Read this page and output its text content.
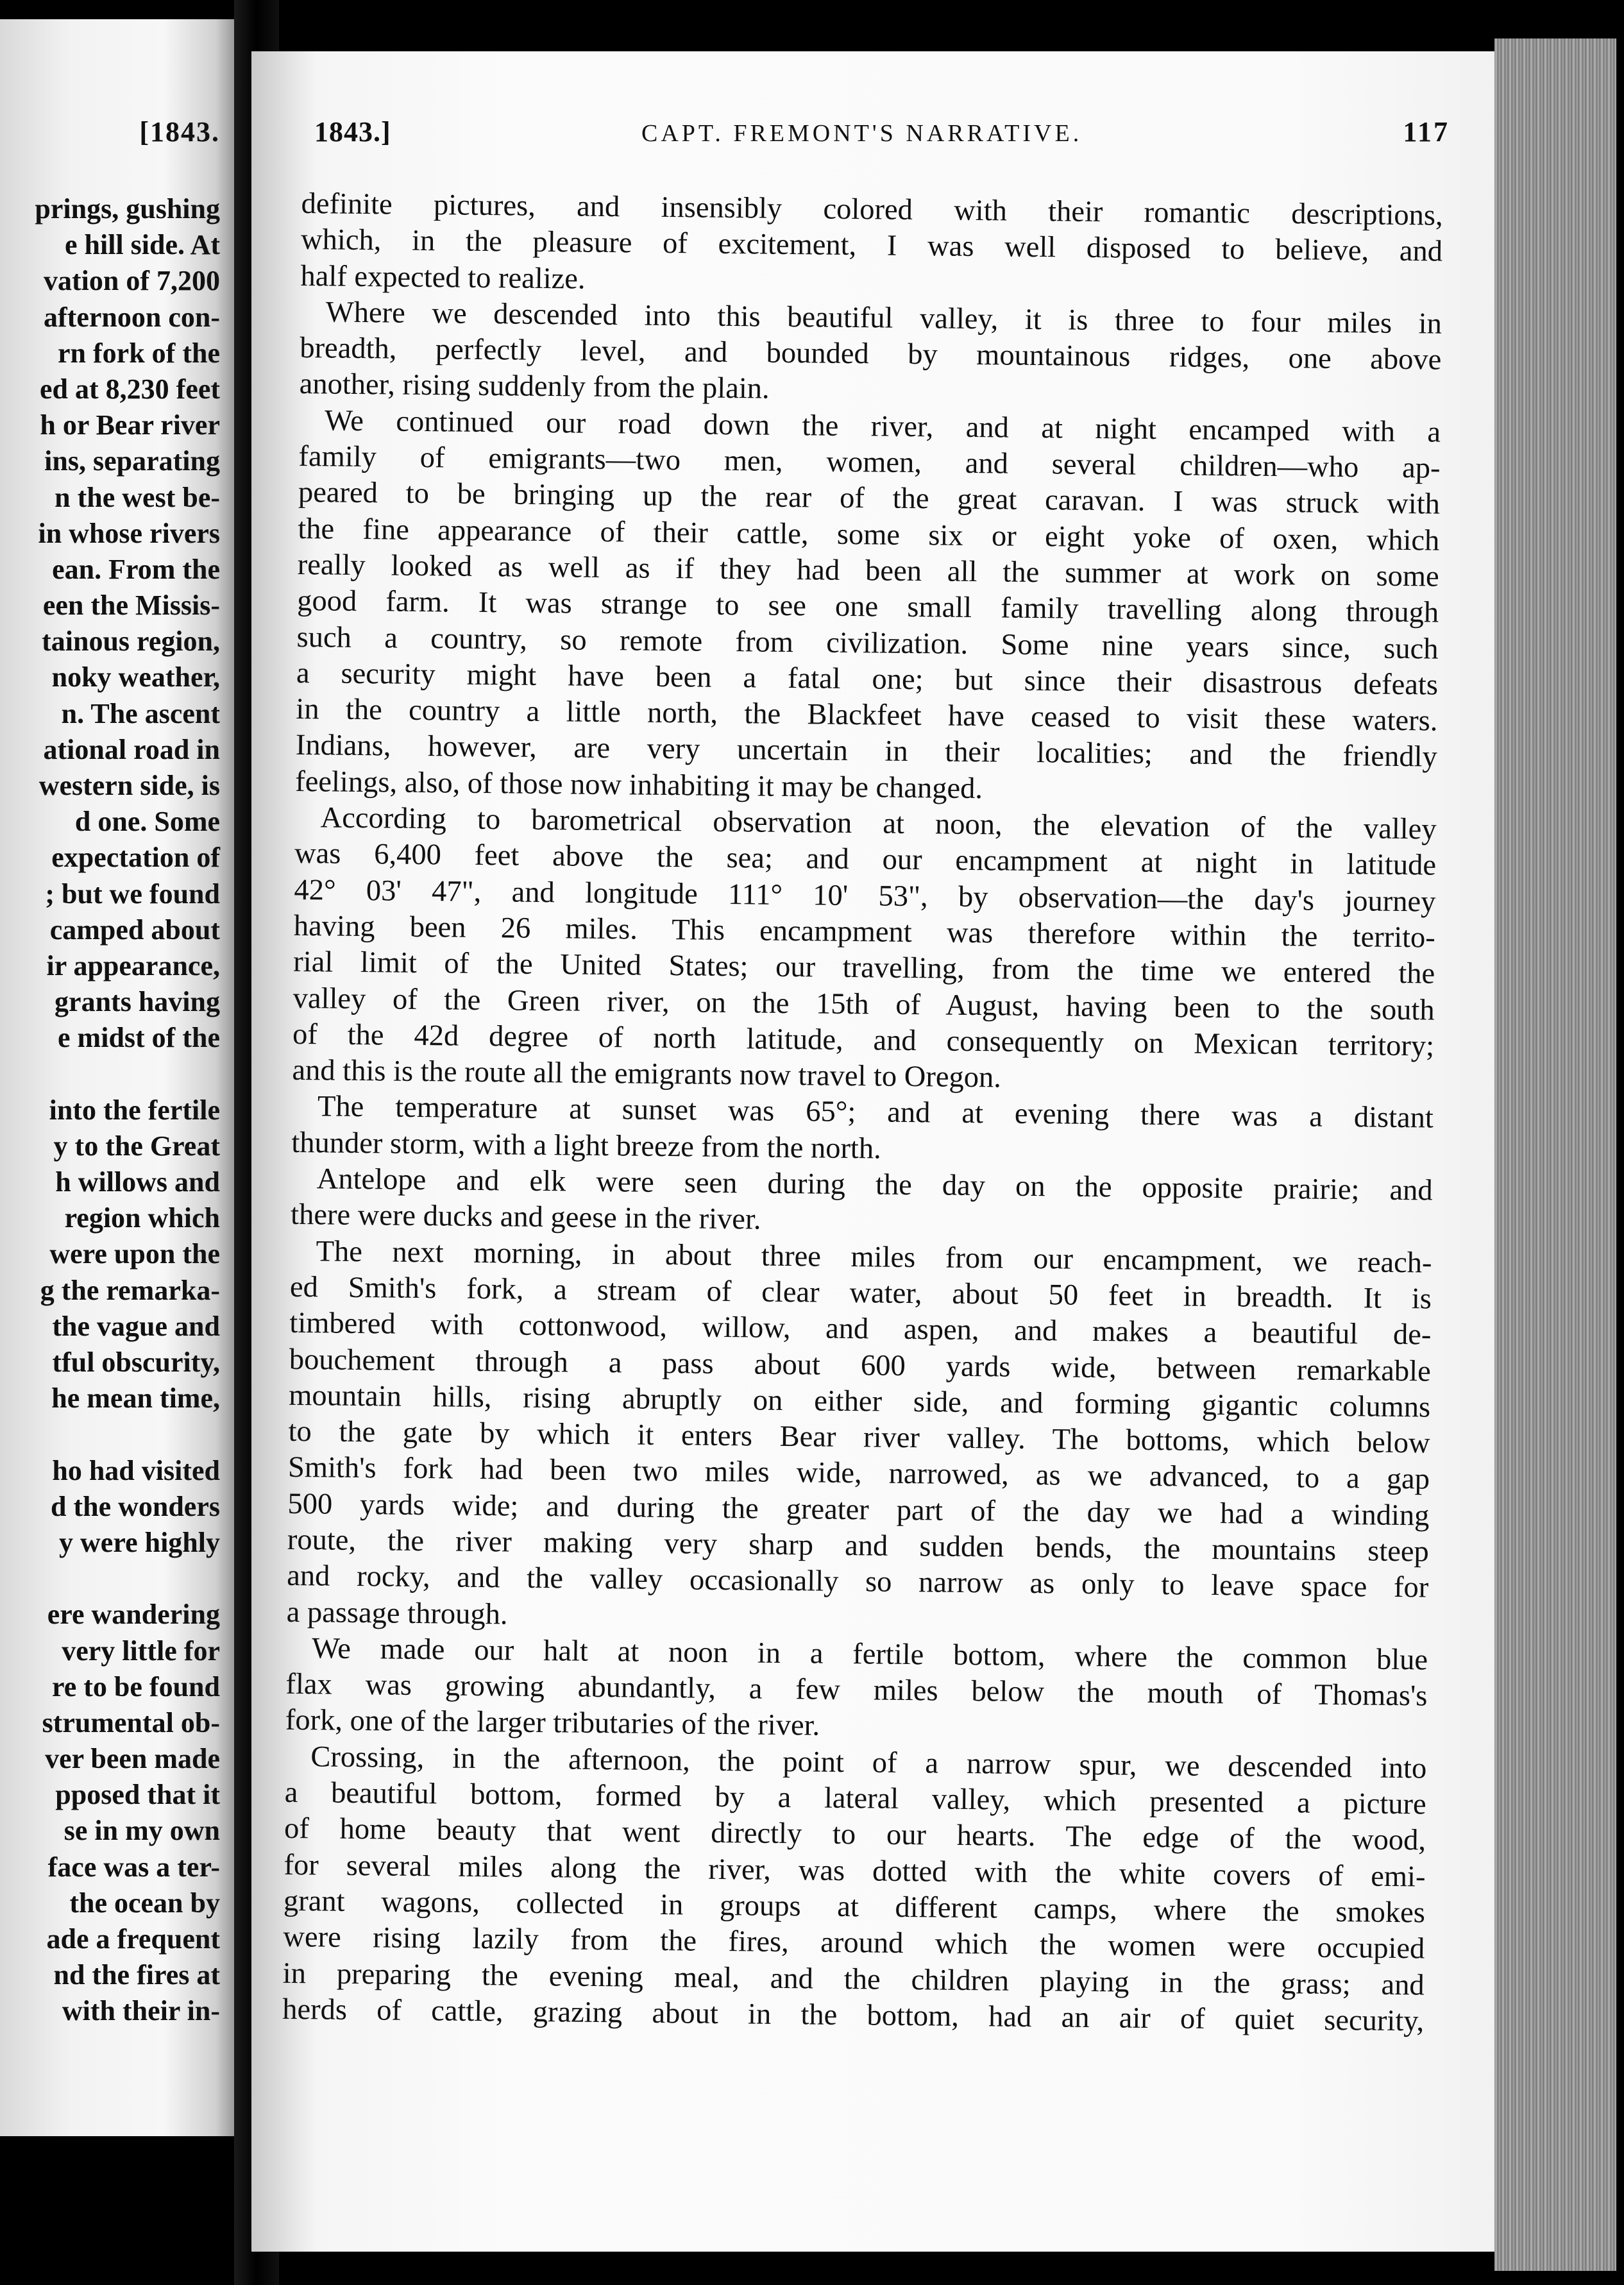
[1843.
prings, gushing
e hill side. At
vation of 7,200
afternoon con-
rn fork of the
ed at 8,230 feet
h or Bear river
ins, separating
n the west be-
in whose rivers
ean. From the
een the Missis-
tainous region,
noky weather,
n. The ascent
ational road in
western side, is
d one. Some
expectation of
; but we found
camped about
ir appearance,
grants having
e midst of the
into the fertile
y to the Great
h willows and
region which
were upon the
g the remarka-
the vague and
tful obscurity,
he mean time,
ho had visited
d the wonders
y were highly
ere wandering
very little for
re to be found
strumental ob-
ver been made
pposed that it
se in my own
face was a ter-
the ocean by
ade a frequent
nd the fires at
with their in-
1843.]	CAPT. FREMONT'S NARRATIVE.	117
definite pictures, and insensibly colored with their romantic descriptions,
which, in the pleasure of excitement, I was well disposed to believe, and
half expected to realize.
Where we descended into this beautiful valley, it is three to four miles in
breadth, perfectly level, and bounded by mountainous ridges, one above
another, rising suddenly from the plain.
We continued our road down the river, and at night encamped with a
family of emigrants—two men, women, and several children—who ap-
peared to be bringing up the rear of the great caravan. I was struck with
the fine appearance of their cattle, some six or eight yoke of oxen, which
really looked as well as if they had been all the summer at work on some
good farm. It was strange to see one small family travelling along through
such a country, so remote from civilization. Some nine years since, such
a security might have been a fatal one; but since their disastrous defeats
in the country a little north, the Blackfeet have ceased to visit these waters.
Indians, however, are very uncertain in their localities; and the friendly
feelings, also, of those now inhabiting it may be changed.
According to barometrical observation at noon, the elevation of the valley
was 6,400 feet above the sea; and our encampment at night in latitude
42° 03' 47", and longitude 111° 10' 53", by observation—the day's journey
having been 26 miles. This encampment was therefore within the territo-
rial limit of the United States; our travelling, from the time we entered the
valley of the Green river, on the 15th of August, having been to the south
of the 42d degree of north latitude, and consequently on Mexican territory;
and this is the route all the emigrants now travel to Oregon.
The temperature at sunset was 65°; and at evening there was a distant
thunder storm, with a light breeze from the north.
Antelope and elk were seen during the day on the opposite prairie; and
there were ducks and geese in the river.
The next morning, in about three miles from our encampment, we reach-
ed Smith's fork, a stream of clear water, about 50 feet in breadth. It is
timbered with cottonwood, willow, and aspen, and makes a beautiful de-
bouchement through a pass about 600 yards wide, between remarkable
mountain hills, rising abruptly on either side, and forming gigantic columns
to the gate by which it enters Bear river valley. The bottoms, which below
Smith's fork had been two miles wide, narrowed, as we advanced, to a gap
500 yards wide; and during the greater part of the day we had a winding
route, the river making very sharp and sudden bends, the mountains steep
and rocky, and the valley occasionally so narrow as only to leave space for
a passage through.
We made our halt at noon in a fertile bottom, where the common blue
flax was growing abundantly, a few miles below the mouth of Thomas's
fork, one of the larger tributaries of the river.
Crossing, in the afternoon, the point of a narrow spur, we descended into
a beautiful bottom, formed by a lateral valley, which presented a picture
of home beauty that went directly to our hearts. The edge of the wood,
for several miles along the river, was dotted with the white covers of emi-
grant wagons, collected in groups at different camps, where the smokes
were rising lazily from the fires, around which the women were occupied
in preparing the evening meal, and the children playing in the grass; and
herds of cattle, grazing about in the bottom, had an air of quiet security,
